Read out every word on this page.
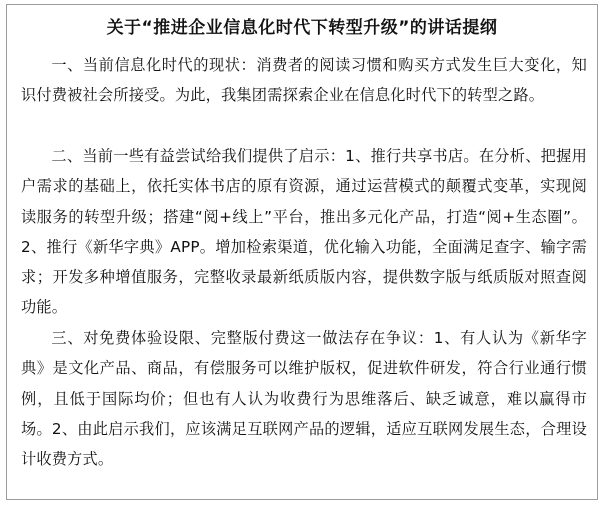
关于“推进企业信息化时代下转型升级”的讲话提纲

一、当前信息化时代的现状：消费者的阅读习惯和购买方式发生巨大变化，知识付费被社会所接受。为此，我集团需探索企业在信息化时代下的转型之路。

二、当前一些有益尝试给我们提供了启示：1、推行共享书店。在分析、把握用户需求的基础上，依托实体书店的原有资源，通过运营模式的颠覆式变革，实现阅读服务的转型升级；搭建“阅+线上”平台，推出多元化产品，打造“阅+生态圈”。2、推行《新华字典》APP。增加检索渠道，优化输入功能，全面满足查字、输字需求；开发多种增值服务，完整收录最新纸质版内容，提供数字版与纸质版对照查阅功能。

三、对免费体验设限、完整版付费这一做法存在争议：1、有人认为《新华字典》是文化产品、商品，有偿服务可以维护版权，促进软件研发，符合行业通行惯例，且低于国际均价；但也有人认为收费行为思维落后、缺乏诚意，难以赢得市场。2、由此启示我们，应该满足互联网产品的逻辑，适应互联网发展生态，合理设计收费方式。
